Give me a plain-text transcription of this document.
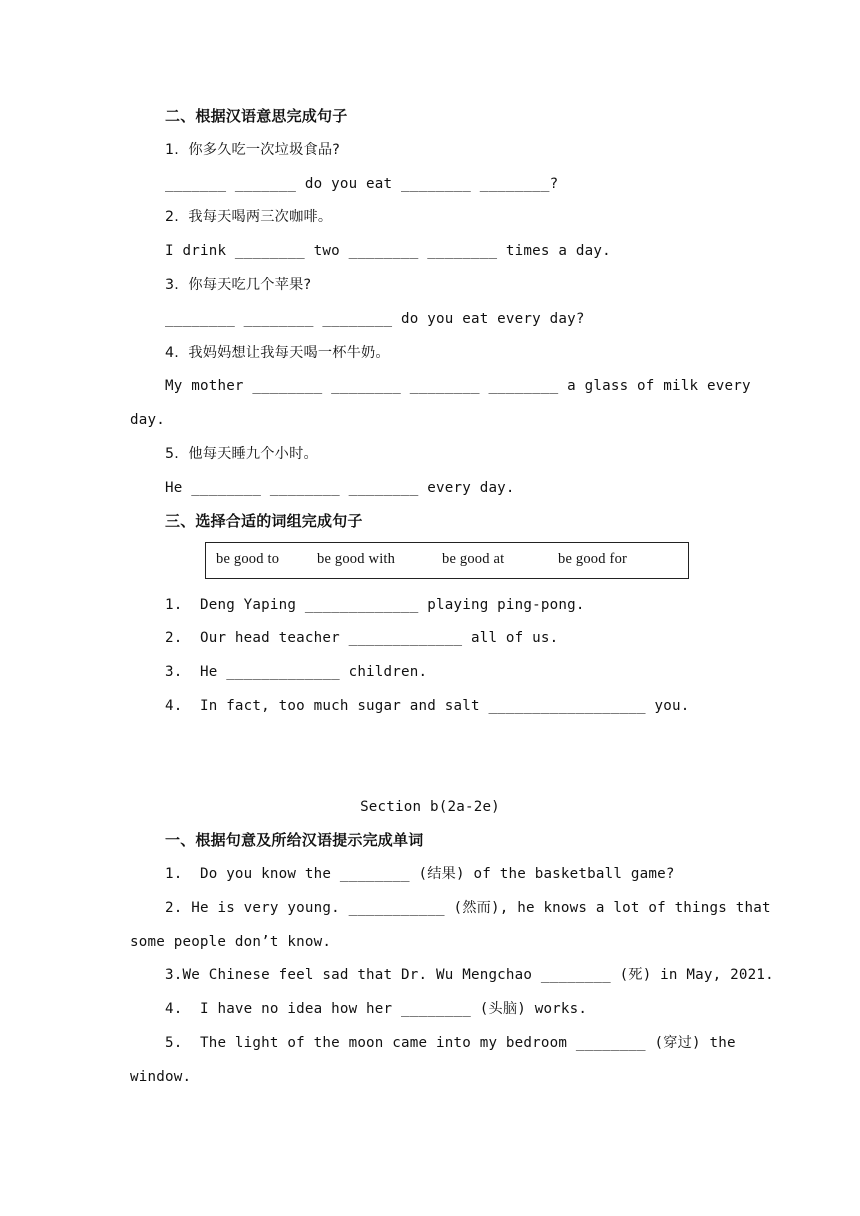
二、根据汉语意思完成句子
1.  你多久吃一次垃圾食品?
_______ _______ do you eat ________ ________?
2.  我每天喝两三次咖啡。
I drink ________ two ________ ________ times a day.
3.  你每天吃几个苹果?
________ ________ ________ do you eat every day?
4.  我妈妈想让我每天喝一杯牛奶。
My mother ________ ________ ________ ________ a glass of milk every
day.
5.  他每天睡九个小时。
He ________ ________ ________ every day.
三、选择合适的词组完成句子
be good to	be good with	be good at	be good for
1.  Deng Yaping _____________ playing ping-pong.
2.  Our head teacher _____________ all of us.
3.  He _____________ children.
4.  In fact, too much sugar and salt __________________ you.
Section b(2a-2e)
一、根据句意及所给汉语提示完成单词
1.  Do you know the ________ (结果) of the basketball game?
2. He is very young. ___________ (然而), he knows a lot of things that
some people don’t know.
3.We Chinese feel sad that Dr. Wu Mengchao ________ (死) in May, 2021.
4.  I have no idea how her ________ (头脑) works.
5.  The light of the moon came into my bedroom ________ (穿过) the
window.
